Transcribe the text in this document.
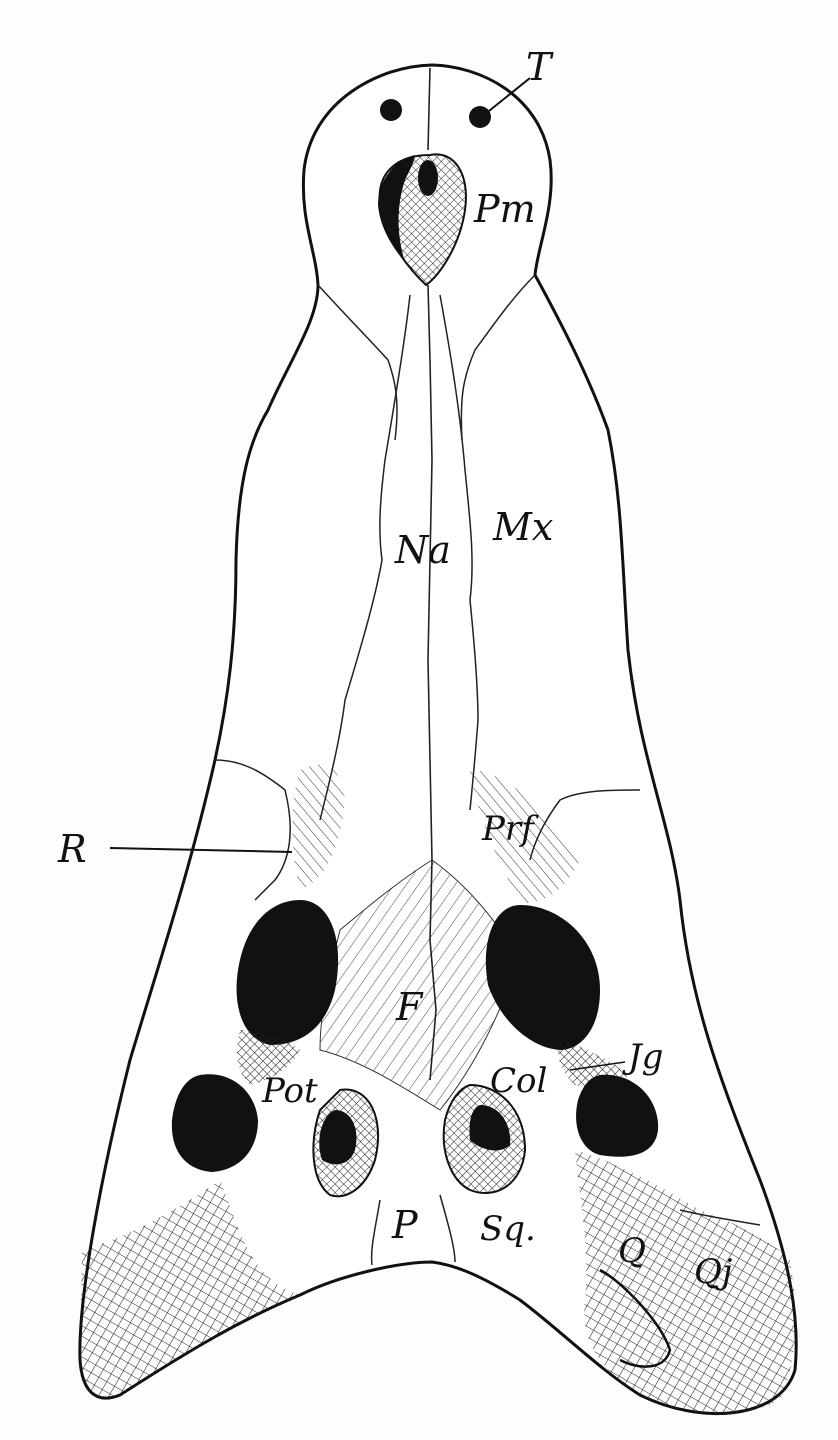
T
Pm
Mx
Na
Prf
R
F
Col
Jg
Pot
P Sq.
Q
Qj
